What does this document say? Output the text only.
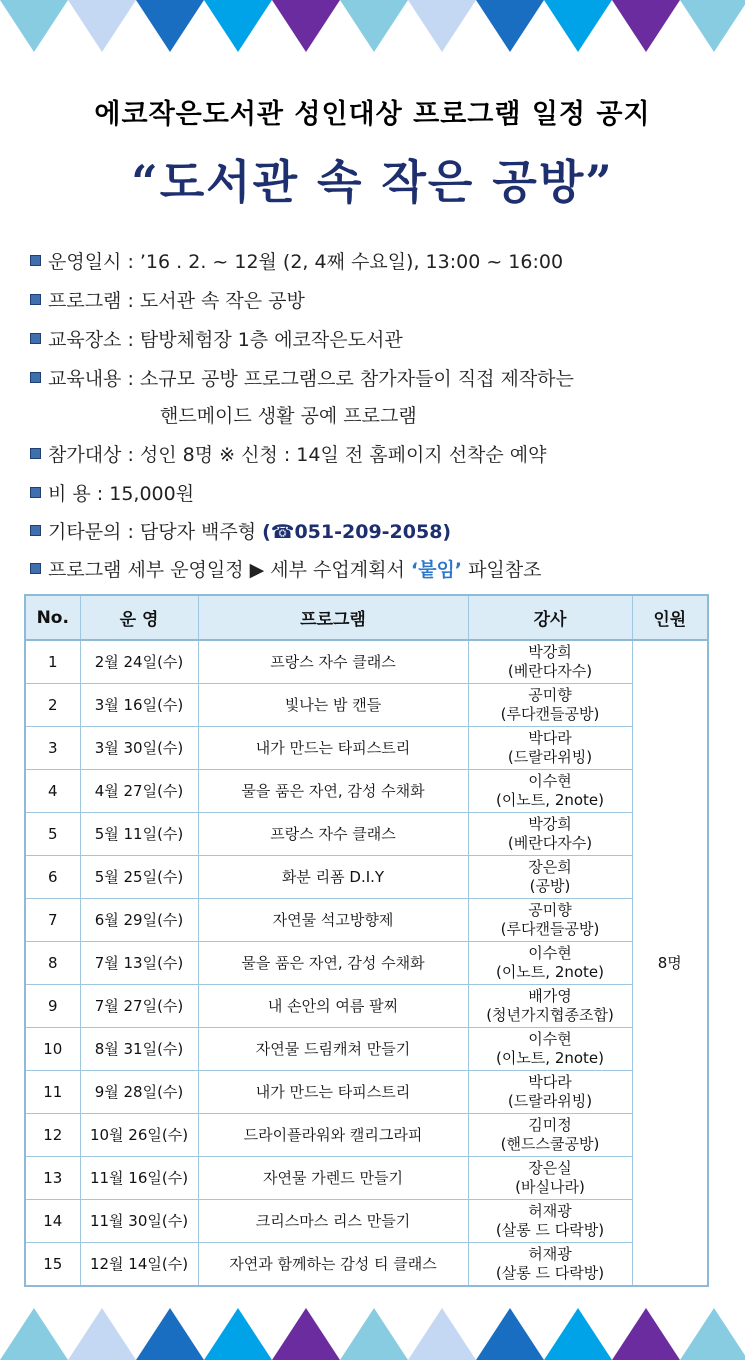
에코작은도서관 성인대상 프로그램 일정 공지
“도서관 속 작은 공방”
운영일시 : ’16 . 2. ~ 12월 (2, 4째 수요일), 13:00 ~ 16:00
프로그램 : 도서관 속 작은 공방
교육장소 : 탐방체험장 1층 에코작은도서관
교육내용 : 소규모 공방 프로그램으로 참가자들이 직접 제작하는
핸드메이드 생활 공예 프로그램
참가대상 : 성인 8명 ※ 신청 : 14일 전 홈페이지 선착순 예약
비 용 : 15,000원
기타문의 : 담당자 백주형 (☎051-209-2058)
프로그램 세부 운영일정 ▶ 세부 수업계획서 ‘붙임’ 파일참조
No.	운 영	프로그램	강사	인원
1	2월 24일(수)	프랑스 자수 클래스	박강희
(베란다자수)	8명
2	3월 16일(수)	빛나는 밤 캔들	공미향
(루다캔들공방)	

3	3월 30일(수)	내가 만드는 타피스트리	박다라
(드랄라위빙)	

4	4월 27일(수)	물을 품은 자연, 감성 수채화	이수현
(이노트, 2note)	

5	5월 11일(수)	프랑스 자수 클래스	박강희
(베란다자수)	

6	5월 25일(수)	화분 리폼 D.I.Y	장은희
(공방)	

7	6월 29일(수)	자연물 석고방향제	공미향
(루다캔들공방)	

8	7월 13일(수)	물을 품은 자연, 감성 수채화	이수현
(이노트, 2note)	

9	7월 27일(수)	내 손안의 여름 팔찌	배가영
(청년가지협종조합)	

10	8월 31일(수)	자연물 드림캐쳐 만들기	이수현
(이노트, 2note)	

11	9월 28일(수)	내가 만드는 타피스트리	박다라
(드랄라위빙)	

12	10월 26일(수)	드라이플라워와 캘리그라피	김미정
(핸드스쿨공방)	

13	11월 16일(수)	자연물 가렌드 만들기	장은실
(바실나라)	

14	11월 30일(수)	크리스마스 리스 만들기	허재광
(살롱 드 다락방)	

15	12월 14일(수)	자연과 함께하는 감성 티 클래스	허재광
(살롱 드 다락방)	
